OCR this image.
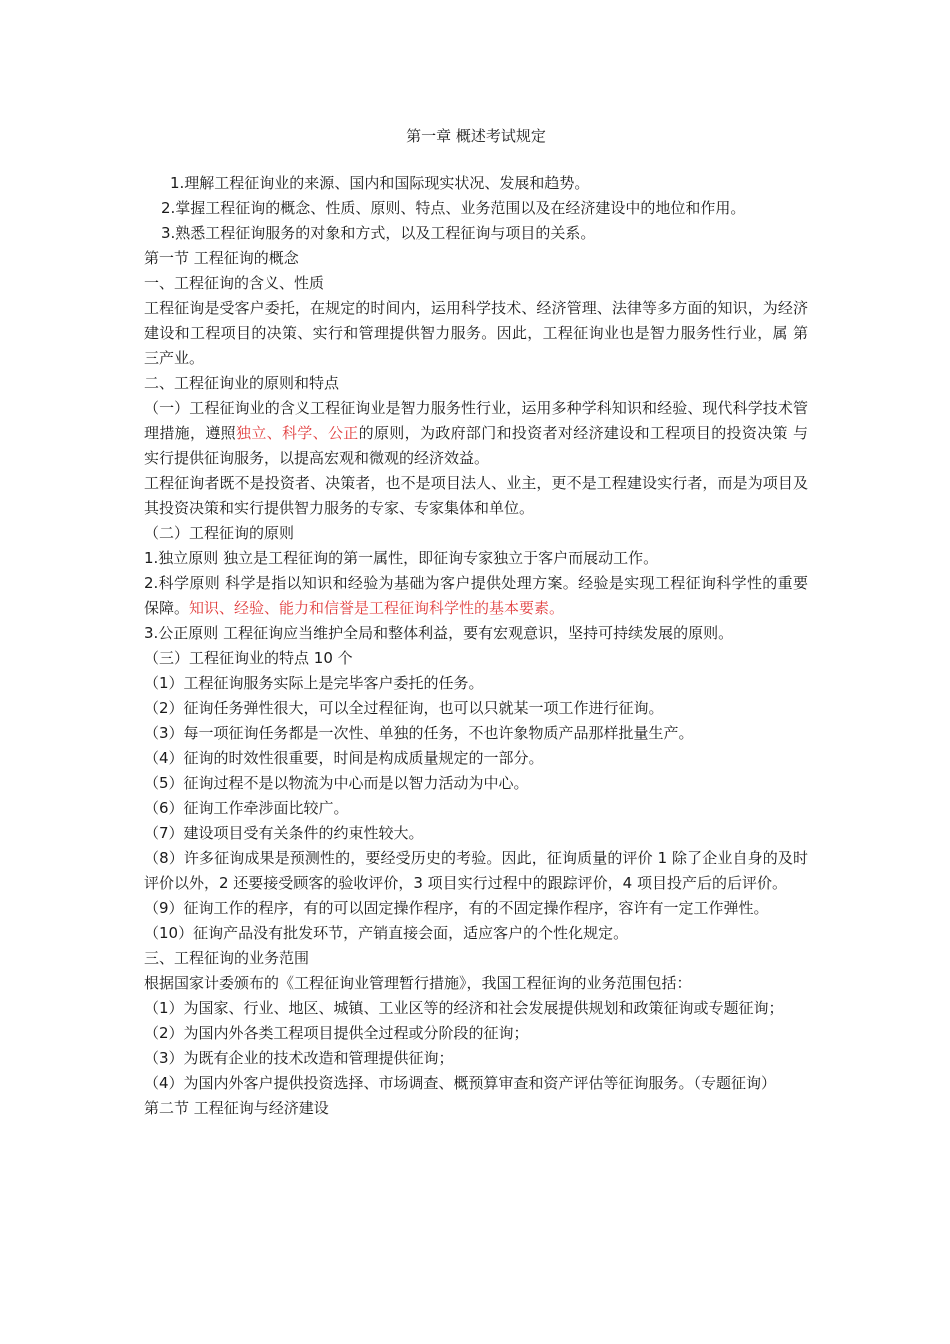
第一章 概述考试规定
1.理解工程征询业的来源、国内和国际现实状况、发展和趋势。
2.掌握工程征询的概念、性质、原则、特点、业务范围以及在经济建设中的地位和作用。
3.熟悉工程征询服务的对象和方式，以及工程征询与项目的关系。
第一节 工程征询的概念
一、工程征询的含义、性质
工程征询是受客户委托，在规定的时间内，运用科学技术、经济管理、法律等多方面的知识，为经济建设和工程项目的决策、实行和管理提供智力服务。因此，工程征询业也是智力服务性行业，属 第三产业。
二、工程征询业的原则和特点
（一）工程征询业的含义工程征询业是智力服务性行业，运用多种学科知识和经验、现代科学技术管理措施，遵照独立、科学、公正的原则，为政府部门和投资者对经济建设和工程项目的投资决策 与实行提供征询服务，以提高宏观和微观的经济效益。
工程征询者既不是投资者、决策者，也不是项目法人、业主，更不是工程建设实行者，而是为项目及其投资决策和实行提供智力服务的专家、专家集体和单位。
（二）工程征询的原则
1.独立原则 独立是工程征询的第一属性，即征询专家独立于客户而展动工作。
2.科学原则 科学是指以知识和经验为基础为客户提供处理方案。经验是实现工程征询科学性的重要保障。知识、经验、能力和信誉是工程征询科学性的基本要素。
3.公正原则 工程征询应当维护全局和整体利益，要有宏观意识，坚持可持续发展的原则。
（三）工程征询业的特点 10 个
（1）工程征询服务实际上是完毕客户委托的任务。
（2）征询任务弹性很大，可以全过程征询，也可以只就某一项工作进行征询。
（3）每一项征询任务都是一次性、单独的任务，不也许象物质产品那样批量生产。
（4）征询的时效性很重要，时间是构成质量规定的一部分。
（5）征询过程不是以物流为中心而是以智力活动为中心。
（6）征询工作牵涉面比较广。
（7）建设项目受有关条件的约束性较大。
（8）许多征询成果是预测性的，要经受历史的考验。因此，征询质量的评价 1 除了企业自身的及时评价以外，2 还要接受顾客的验收评价，3 项目实行过程中的跟踪评价，4 项目投产后的后评价。
（9）征询工作的程序，有的可以固定操作程序，有的不固定操作程序，容许有一定工作弹性。
（10）征询产品没有批发环节，产销直接会面，适应客户的个性化规定。
三、工程征询的业务范围
根据国家计委颁布的《工程征询业管理暂行措施》，我国工程征询的业务范围包括：
（1）为国家、行业、地区、城镇、工业区等的经济和社会发展提供规划和政策征询或专题征询；
（2）为国内外各类工程项目提供全过程或分阶段的征询；
（3）为既有企业的技术改造和管理提供征询；
（4）为国内外客户提供投资选择、市场调查、概预算审查和资产评估等征询服务。（专题征询）
第二节 工程征询与经济建设
